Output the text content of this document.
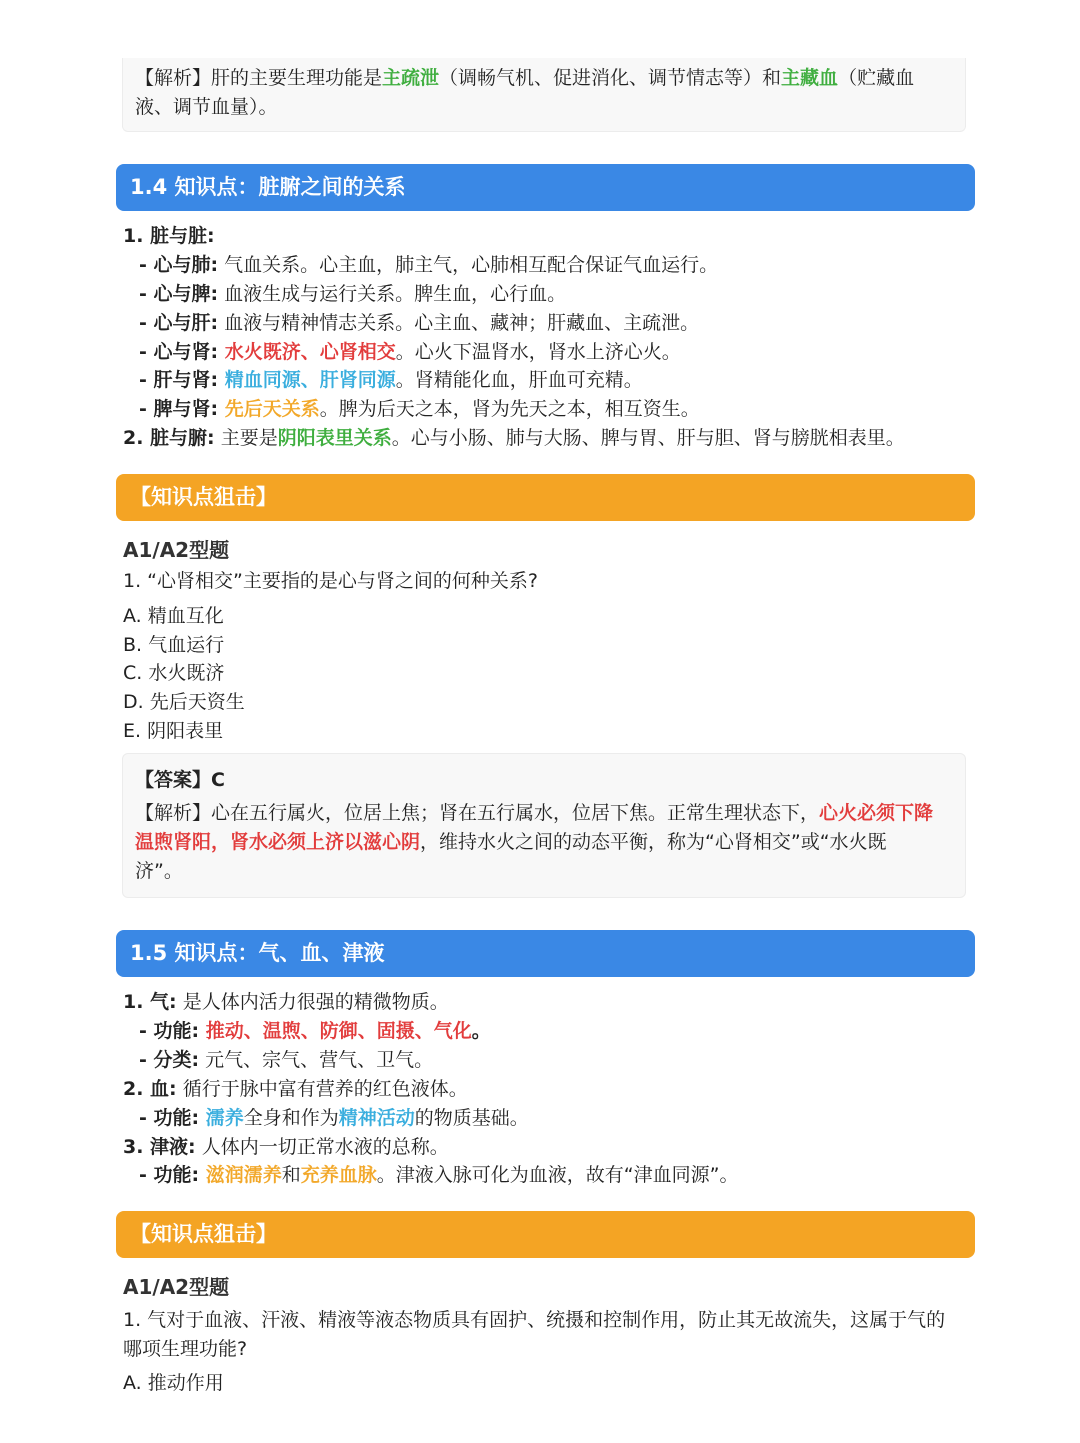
【解析】肝的主要生理功能是主疏泄（调畅气机、促进消化、调节情志等）和主藏血（贮藏血液、调节血量）。

1.4 知识点：脏腑之间的关系
1. 脏与脏:
- 心与肺: 气血关系。心主血，肺主气，心肺相互配合保证气血运行。
- 心与脾: 血液生成与运行关系。脾生血，心行血。
- 心与肝: 血液与精神情志关系。心主血、藏神；肝藏血、主疏泄。
- 心与肾: 水火既济、心肾相交。心火下温肾水，肾水上济心火。
- 肝与肾: 精血同源、肝肾同源。肾精能化血，肝血可充精。
- 脾与肾: 先后天关系。脾为后天之本，肾为先天之本，相互资生。
2. 脏与腑: 主要是阴阳表里关系。心与小肠、肺与大肠、脾与胃、肝与胆、肾与膀胱相表里。
【知识点狙击】
A1/A2型题
1. “心肾相交”主要指的是心与肾之间的何种关系?
A. 精血互化
B. 气血运行
C. 水火既济
D. 先后天资生
E. 阴阳表里

【答案】C

【解析】心在五行属火，位居上焦；肾在五行属水，位居下焦。正常生理状态下，心火必须下降
温煦肾阳，肾水必须上济以滋心阴，维持水火之间的动态平衡，称为“心肾相交”或“水火既
济”。

1.5 知识点：气、血、津液
1. 气: 是人体内活力很强的精微物质。
- 功能: 推动、温煦、防御、固摄、气化。
- 分类: 元气、宗气、营气、卫气。
2. 血: 循行于脉中富有营养的红色液体。
- 功能: 濡养全身和作为精神活动的物质基础。
3. 津液: 人体内一切正常水液的总称。
- 功能: 滋润濡养和充养血脉。津液入脉可化为血液，故有“津血同源”。
【知识点狙击】
A1/A2型题
1. 气对于血液、汗液、精液等液态物质具有固护、统摄和控制作用，防止其无故流失，这属于气的
哪项生理功能?
A. 推动作用
